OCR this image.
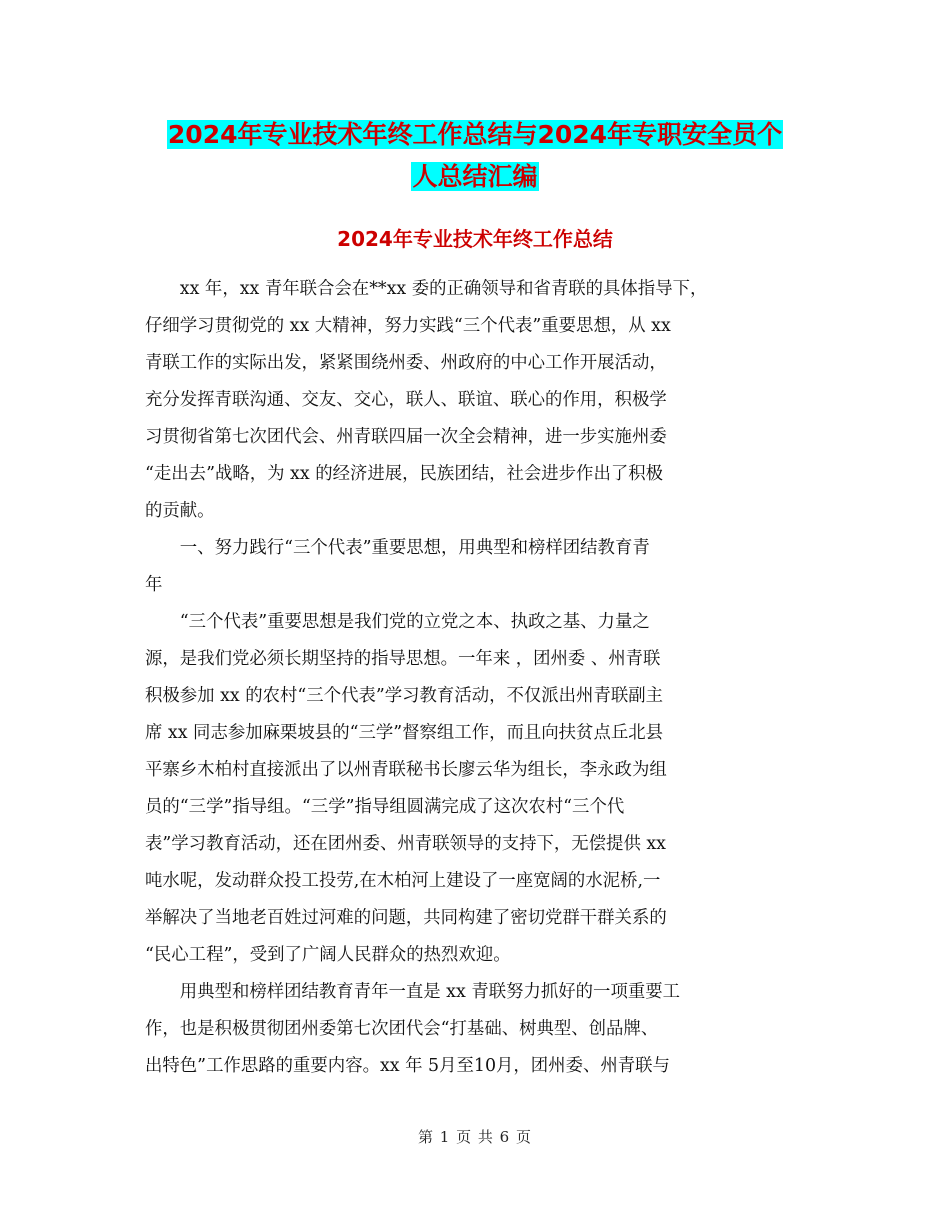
2024年专业技术年终工作总结与2024年专职安全员个
人总结汇编
2024年专业技术年终工作总结
　　xx 年，xx 青年联合会在**xx 委的正确领导和省青联的具体指导下，
仔细学习贯彻党的 xx 大精神，努力实践“三个代表”重要思想，从 xx
青联工作的实际出发，紧紧围绕州委、州政府的中心工作开展活动，
充分发挥青联沟通、交友、交心，联人、联谊、联心的作用，积极学
习贯彻省第七次团代会、州青联四届一次全会精神，进一步实施州委
“走出去”战略，为 xx 的经济进展，民族团结，社会进步作出了积极
的贡献。
　　一、努力践行“三个代表”重要思想，用典型和榜样团结教育青
年
　　“三个代表”重要思想是我们党的立党之本、执政之基、力量之
源，是我们党必须长期坚持的指导思想。一年来 ，团州委 、州青联
积极参加 xx 的农村“三个代表”学习教育活动，不仅派出州青联副主
席 xx 同志参加麻栗坡县的“三学”督察组工作，而且向扶贫点丘北县
平寨乡木柏村直接派出了以州青联秘书长廖云华为组长，李永政为组
员的“三学”指导组。“三学”指导组圆满完成了这次农村“三个代
表”学习教育活动，还在团州委、州青联领导的支持下，无偿提供 xx
吨水呢，发动群众投工投劳,在木柏河上建设了一座宽阔的水泥桥,一
举解决了当地老百姓过河难的问题，共同构建了密切党群干群关系的
“民心工程”，受到了广阔人民群众的热烈欢迎。
　　用典型和榜样团结教育青年一直是 xx 青联努力抓好的一项重要工
作，也是积极贯彻团州委第七次团代会“打基础、树典型、创品牌、
出特色”工作思路的重要内容。xx 年 5月至10月，团州委、州青联与
第 1 页 共 6 页
